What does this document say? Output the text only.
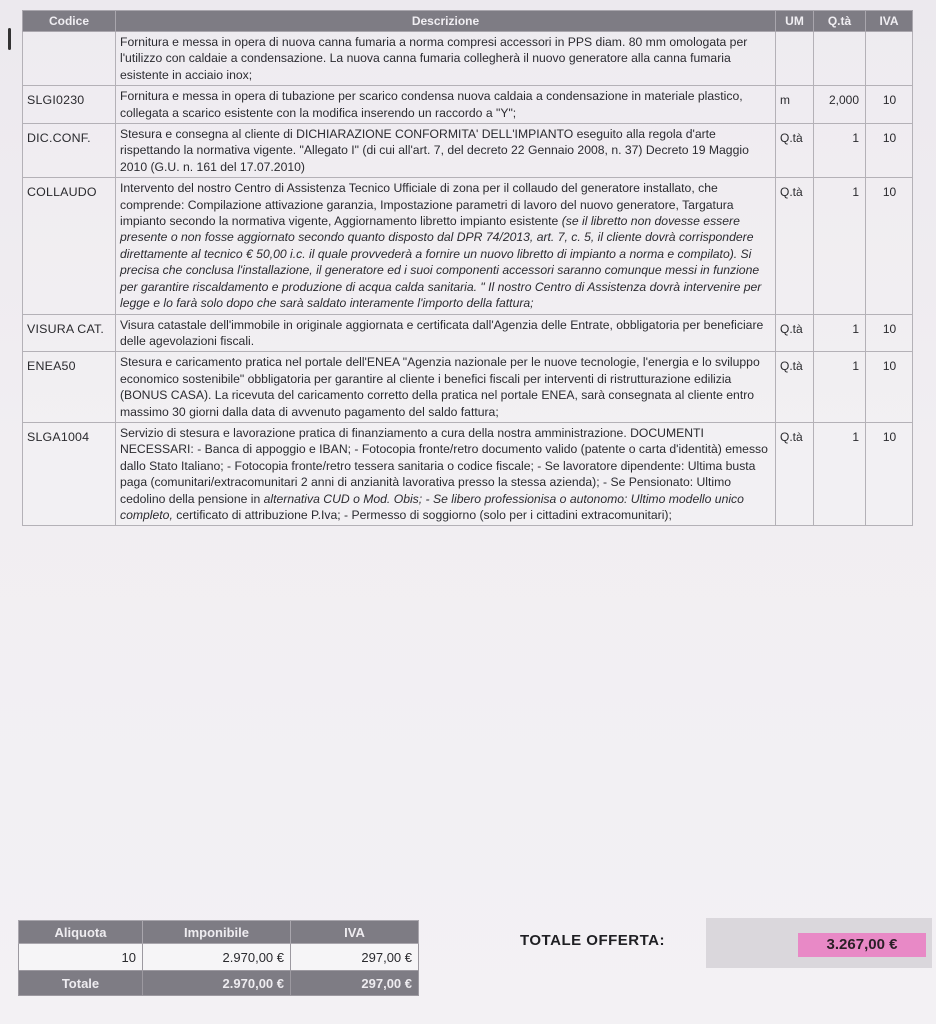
Codice	Descrizione	UM	Q.tà	IVA
	Fornitura e messa in opera di nuova canna fumaria a norma compresi accessori in PPS diam. 80 mm omologata per l'utilizzo con caldaie a condensazione. La nuova canna fumaria collegherà il nuovo generatore alla canna fumaria esistente in acciaio inox;			
SLGI0230	Fornitura e messa in opera di tubazione per scarico condensa nuova caldaia a condensazione in materiale plastico, collegata a scarico esistente con la modifica inserendo un raccordo a "Y";	m	2,000	10
DIC.CONF.	Stesura e consegna al cliente di DICHIARAZIONE CONFORMITA' DELL'IMPIANTO eseguito alla regola d'arte rispettando la normativa vigente. "Allegato I" (di cui all'art. 7, del decreto 22 Gennaio 2008, n. 37) Decreto 19 Maggio 2010 (G.U. n. 161 del 17.07.2010)	Q.tà	1	10
COLLAUDO	Intervento del nostro Centro di Assistenza Tecnico Ufficiale di zona per il collaudo del generatore installato, che comprende: Compilazione attivazione garanzia, Impostazione parametri di lavoro del nuovo generatore, Targatura impianto secondo la normativa vigente, Aggiornamento libretto impianto esistente (se il libretto non dovesse essere presente o non fosse aggiornato secondo quanto disposto dal DPR 74/2013, art. 7, c. 5, il cliente dovrà corrispondere direttamente al tecnico € 50,00 i.c. il quale provvederà a fornire un nuovo libretto di impianto a norma e compilato). Si precisa che conclusa l'installazione, il generatore ed i suoi componenti accessori saranno comunque messi in funzione per garantire riscaldamento e produzione di acqua calda sanitaria. " Il nostro Centro di Assistenza dovrà intervenire per legge e lo farà solo dopo che sarà saldato interamente l'importo della fattura;	Q.tà	1	10
VISURA CAT.	Visura catastale dell'immobile in originale aggiornata e certificata dall'Agenzia delle Entrate, obbligatoria per beneficiare delle agevolazioni fiscali.	Q.tà	1	10
ENEA50	Stesura e caricamento pratica nel portale dell'ENEA "Agenzia nazionale per le nuove tecnologie, l'energia e lo sviluppo economico sostenibile" obbligatoria per garantire al cliente i benefici fiscali per interventi di ristrutturazione edilizia (BONUS CASA). La ricevuta del caricamento corretto della pratica nel portale ENEA, sarà consegnata al cliente entro massimo 30 giorni dalla data di avvenuto pagamento del saldo fattura;	Q.tà	1	10
SLGA1004	Servizio di stesura e lavorazione pratica di finanziamento a cura della nostra amministrazione. DOCUMENTI NECESSARI: - Banca di appoggio e IBAN; - Fotocopia fronte/retro documento valido (patente o carta d'identità) emesso dallo Stato Italiano; - Fotocopia fronte/retro tessera sanitaria o codice fiscale; - Se lavoratore dipendente: Ultima busta paga (comunitari/extracomunitari 2 anni di anzianità lavorativa presso la stessa azienda); - Se Pensionato: Ultimo cedolino della pensione in alternativa CUD o Mod. Obis; - Se libero professionisa o autonomo: Ultimo modello unico completo, certificato di attribuzione P.Iva; - Permesso di soggiorno (solo per i cittadini extracomunitari);	Q.tà	1	10
Aliquota	Imponibile	IVA
10	2.970,00 €	297,00 €
Totale	2.970,00 €	297,00 €
TOTALE OFFERTA:	3.267,00 €
